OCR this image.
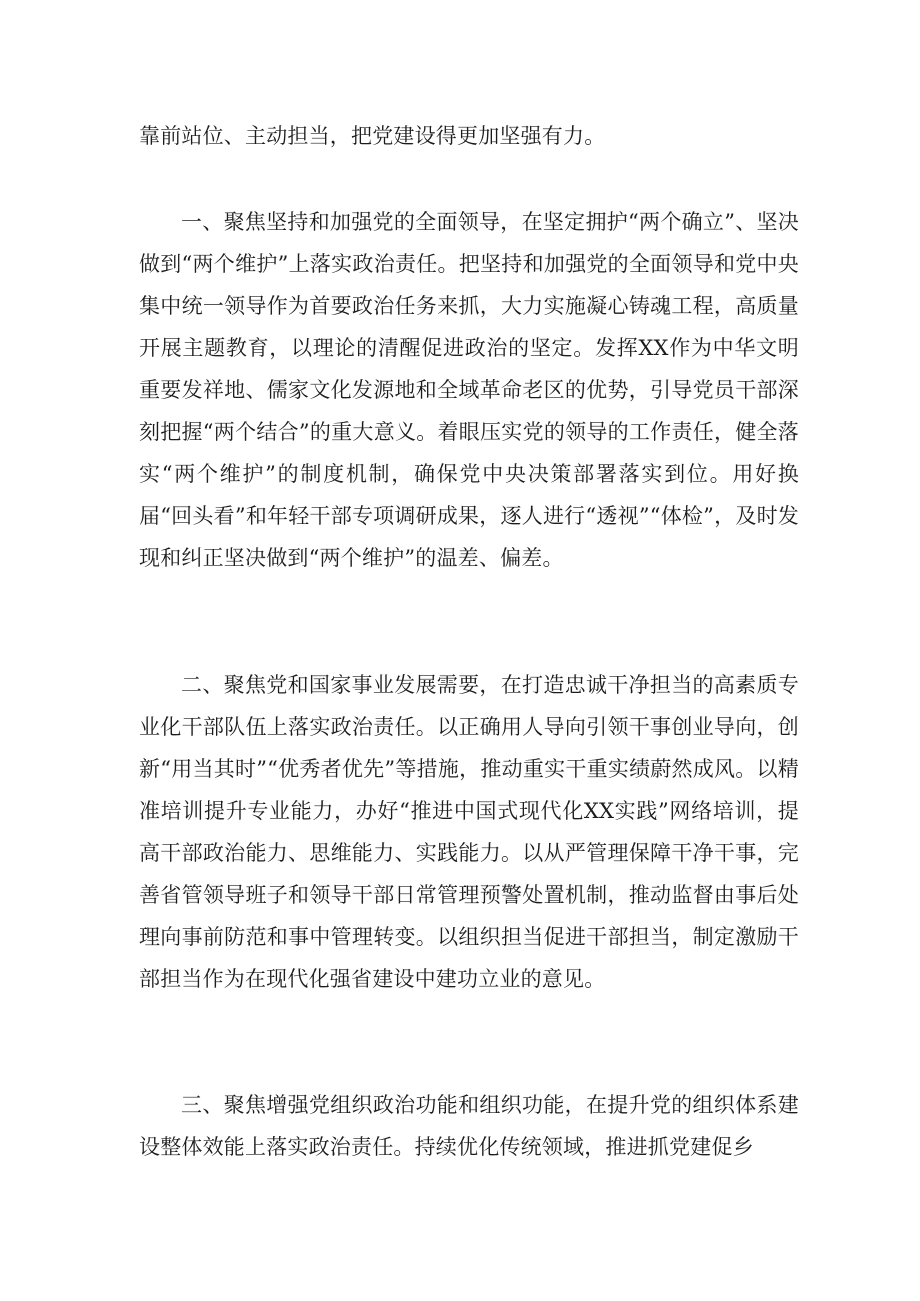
靠前站位、主动担当，把党建设得更加坚强有力。

一、聚焦坚持和加强党的全面领导，在坚定拥护“两个确立”、坚决做到“两个维护”上落实政治责任。把坚持和加强党的全面领导和党中央集中统一领导作为首要政治任务来抓，大力实施凝心铸魂工程，高质量开展主题教育，以理论的清醒促进政治的坚定。发挥XX作为中华文明重要发祥地、儒家文化发源地和全域革命老区的优势，引导党员干部深刻把握“两个结合”的重大意义。着眼压实党的领导的工作责任，健全落实“两个维护”的制度机制，确保党中央决策部署落实到位。用好换届“回头看”和年轻干部专项调研成果，逐人进行“透视”“体检”，及时发现和纠正坚决做到“两个维护”的温差、偏差。

二、聚焦党和国家事业发展需要，在打造忠诚干净担当的高素质专业化干部队伍上落实政治责任。以正确用人导向引领干事创业导向，创新“用当其时”“优秀者优先”等措施，推动重实干重实绩蔚然成风。以精准培训提升专业能力，办好“推进中国式现代化XX实践”网络培训，提高干部政治能力、思维能力、实践能力。以从严管理保障干净干事，完善省管领导班子和领导干部日常管理预警处置机制，推动监督由事后处理向事前防范和事中管理转变。以组织担当促进干部担当，制定激励干部担当作为在现代化强省建设中建功立业的意见。

三、聚焦增强党组织政治功能和组织功能，在提升党的组织体系建设整体效能上落实政治责任。持续优化传统领域，推进抓党建促乡
